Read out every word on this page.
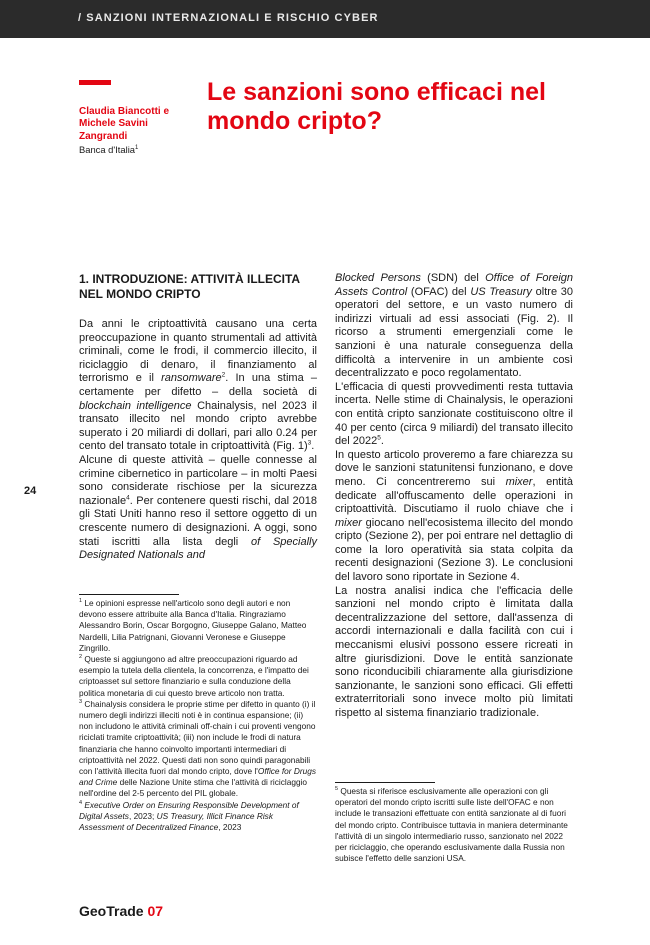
/ SANZIONI INTERNAZIONALI E RISCHIO CYBER
Claudia Biancotti e Michele Savini Zangrandi
Banca d'Italia$^1$
Le sanzioni sono efficaci nel mondo cripto?
24
1. INTRODUZIONE: ATTIVITÀ ILLECITA NEL MONDO CRIPTO

Da anni le criptoattività causano una certa preoccupazione in quanto strumentali ad attività criminali, come le frodi, il commercio illecito, il riciclaggio di denaro, il finanziamento al terrorismo e il ransomware$^2$. In una stima – certamente per difetto – della società di blockchain intelligence Chainalysis, nel 2023 il transato illecito nel mondo cripto avrebbe superato i 20 miliardi di dollari, pari allo 0.24 per cento del transato totale in criptoattività (Fig. 1)$^3$.

Alcune di queste attività – quelle connesse al crimine cibernetico in particolare – in molti Paesi sono considerate rischiose per la sicurezza nazionale$^4$. Per contenere questi rischi, dal 2018 gli Stati Uniti hanno reso il settore oggetto di un crescente numero di designazioni. A oggi, sono stati iscritti alla lista degli of Specially Designated Nationals and

Blocked Persons (SDN) del Office of Foreign Assets Control (OFAC) del US Treasury oltre 30 operatori del settore, e un vasto numero di indirizzi virtuali ad essi associati (Fig. 2). Il ricorso a strumenti emergenziali come le sanzioni è una naturale conseguenza della difficoltà a intervenire in un ambiente così decentralizzato e poco regolamentato.

L'efficacia di questi provvedimenti resta tuttavia incerta. Nelle stime di Chainalysis, le operazioni con entità cripto sanzionate costituiscono oltre il 40 per cento (circa 9 miliardi) del transato illecito del 2022$^5$.

In questo articolo proveremo a fare chiarezza su dove le sanzioni statunitensi funzionano, e dove meno. Ci concentreremo sui mixer, entità dedicate all'offuscamento delle operazioni in criptoattività. Discutiamo il ruolo chiave che i mixer giocano nell'ecosistema illecito del mondo cripto (Sezione 2), per poi entrare nel dettaglio di come la loro operatività sia stata colpita da recenti designazioni (Sezione 3). Le conclusioni del lavoro sono riportate in Sezione 4.

La nostra analisi indica che l'efficacia delle sanzioni nel mondo cripto è limitata dalla decentralizzazione del settore, dall'assenza di accordi internazionali e dalla facilità con cui i meccanismi elusivi possono essere ricreati in altre giurisdizioni. Dove le entità sanzionate sono riconducibili chiaramente alla giurisdizione sanzionante, le sanzioni sono efficaci. Gli effetti extraterritoriali sono invece molto più limitati rispetto al sistema finanziario tradizionale.

$^1$ Le opinioni espresse nell'articolo sono degli autori e non devono essere attribuite alla Banca d'Italia. Ringraziamo Alessandro Borin, Oscar Borgogno, Giuseppe Galano, Matteo Nardelli, Lilia Patrignani, Giovanni Veronese e Giuseppe Zingrillo.

$^2$ Queste si aggiungono ad altre preoccupazioni riguardo ad esempio la tutela della clientela, la concorrenza, e l'impatto dei criptoasset sul settore finanziario e sulla conduzione della politica monetaria di cui questo breve articolo non tratta.

$^3$ Chainalysis considera le proprie stime per difetto in quanto (i) il numero degli indirizzi illeciti noti è in continua espansione; (ii) non includono le attività criminali off-chain i cui proventi vengono riciclati tramite criptoattività; (iii) non include le frodi di natura finanziaria che hanno coinvolto importanti intermediari di criptoattività nel 2022. Questi dati non sono quindi paragonabili con l'attività illecita fuori dal mondo cripto, dove l'Office for Drugs and Crime delle Nazione Unite stima che l'attività di riciclaggio nell'ordine del 2-5 percento del PIL globale.

$^4$ Executive Order on Ensuring Responsible Development of Digital Assets, 2023; US Treasury, Illicit Finance Risk Assessment of Decentralized Finance, 2023

$^5$ Questa si riferisce esclusivamente alle operazioni con gli operatori del mondo cripto iscritti sulle liste dell'OFAC e non include le transazioni effettuate con entità sanzionate al di fuori del mondo cripto. Contribuisce tuttavia in maniera determinante l'attività di un singolo intermediario russo, sanzionato nel 2022 per riciclaggio, che operando esclusivamente dalla Russia non subisce l'effetto delle sanzioni USA.

GeoTrade 07
